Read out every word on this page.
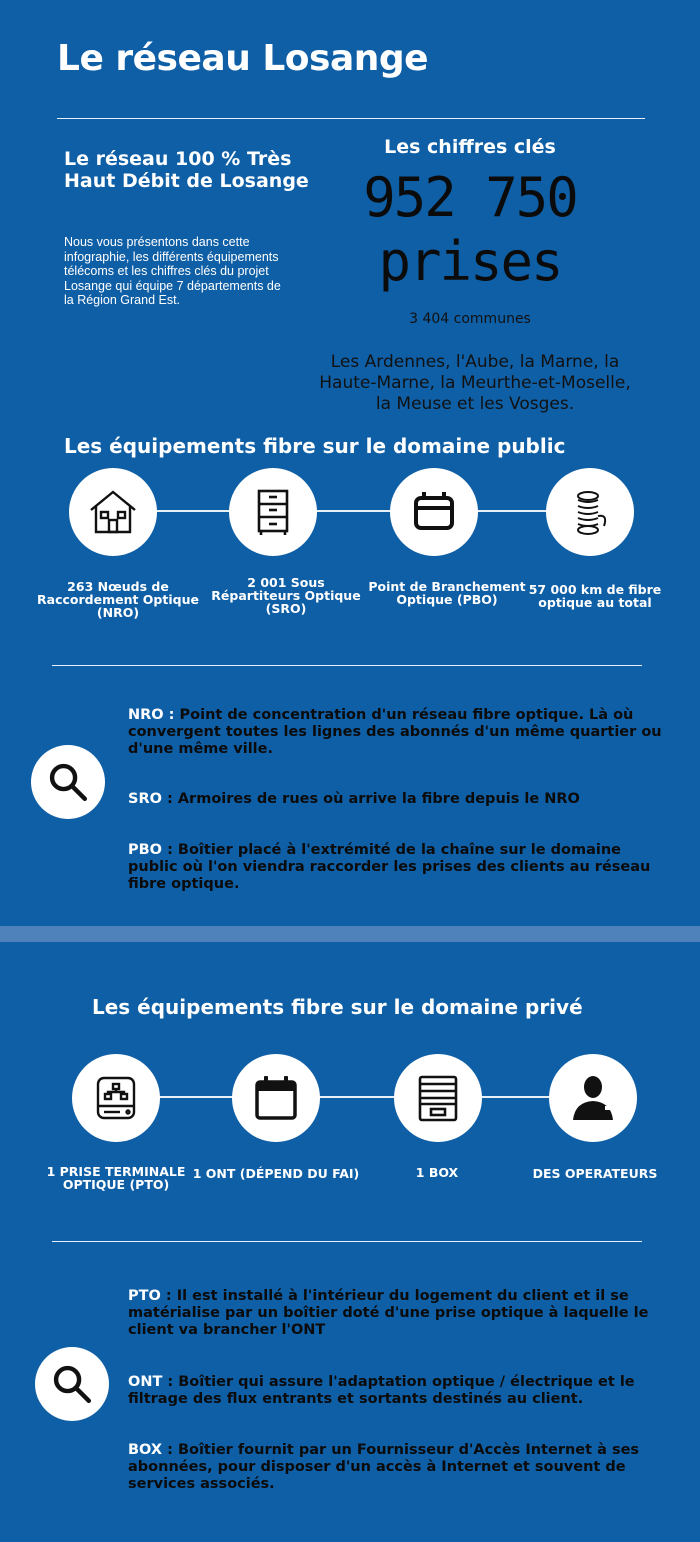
Le réseau Losange
Le réseau 100 % Très Haut Débit de Losange
Nous vous présentons dans cette infographie, les différents équipements télécoms et les chiffres clés du projet Losange qui équipe 7 départements de la Région Grand Est.
Les chiffres clés
952 750
prises
3 404 communes
Les Ardennes, l'Aube, la Marne, la Haute-Marne, la Meurthe-et-Moselle, la Meuse et les Vosges.
Les équipements fibre sur le domaine public
263 Nœuds de Raccordement Optique (NRO)
2 001 Sous Répartiteurs Optique (SRO)
Point de Branchement Optique (PBO)
57 000 km de fibre optique au total
NRO : Point de concentration d'un réseau fibre optique. Là où convergent toutes les lignes des abonnés d'un même quartier ou d'une même ville.
SRO : Armoires de rues où arrive la fibre depuis le NRO
PBO : Boîtier placé à l'extrémité de la chaîne sur le domaine public où l'on viendra raccorder les prises des clients au réseau fibre optique.
Les équipements fibre sur le domaine privé
1 PRISE TERMINALE OPTIQUE (PTO)
1 ONT (DÉPEND DU FAI)	1 BOX	DES OPERATEURS
PTO : Il est installé à l'intérieur du logement du client et il se matérialise par un boîtier doté d'une prise optique à laquelle le client va brancher l'ONT
ONT : Boîtier qui assure l'adaptation optique / électrique et le filtrage des flux entrants et sortants destinés au client.
BOX : Boîtier fournit par un Fournisseur d'Accès Internet à ses abonnées, pour disposer d'un accès à Internet et souvent de services associés.
